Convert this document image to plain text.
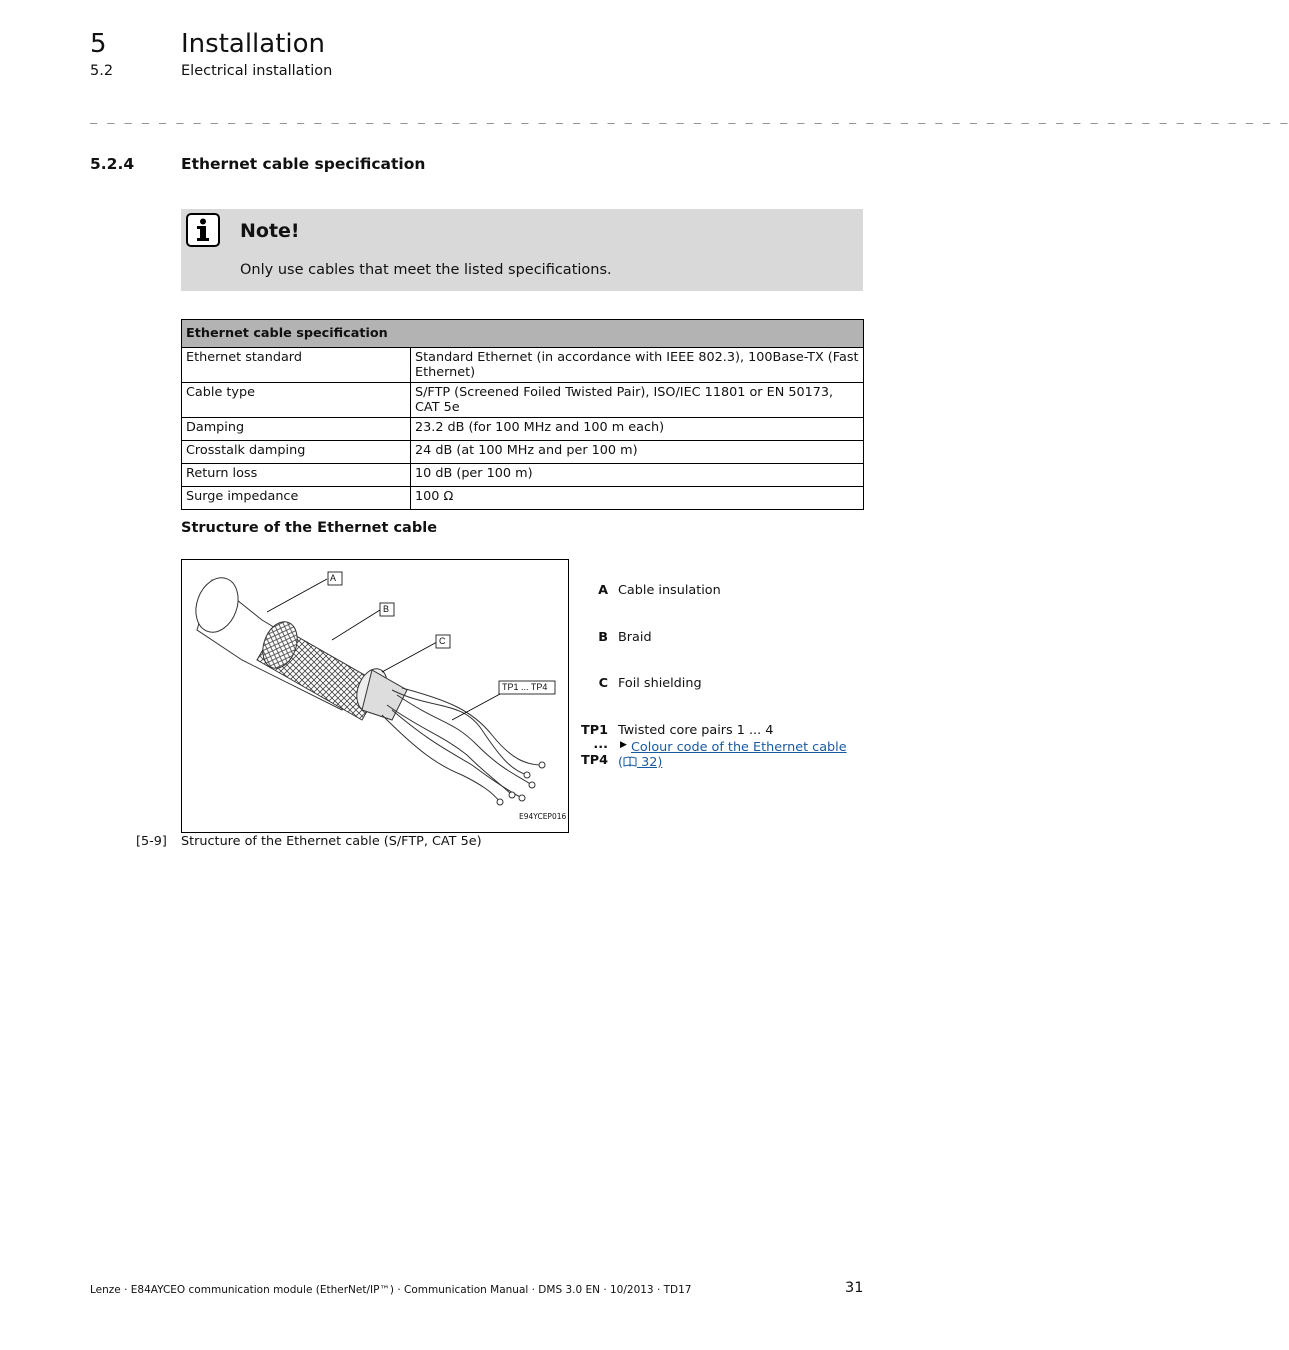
5	Installation
5.2	Electrical installation
_ _ _ _ _ _ _ _ _ _ _ _ _ _ _ _ _ _ _ _ _ _ _ _ _ _ _ _ _ _ _ _ _ _ _ _ _ _ _ _ _ _ _ _ _ _ _ _ _ _ _ _ _ _ _ _ _ _ _ _ _ _ _ _ _ _ _ _ _ _
5.2.4	Ethernet cable specification
Note!
Only use cables that meet the listed specifications.
Ethernet cable specification	
Ethernet standard	Standard Ethernet (in accordance with IEEE 802.3), 100Base-TX (Fast Ethernet)
Cable type	S/FTP (Screened Foiled Twisted Pair), ISO/IEC 11801 or EN 50173, CAT 5e
Damping	23.2 dB (for 100 MHz and 100 m each)
Crosstalk damping	24 dB (at 100 MHz and per 100 m)
Return loss	10 dB (per 100 m)
Surge impedance	100 Ω
Structure of the Ethernet cable
A
B
C
TP1 ... TP4
E94YCEP016
A Cable insulation
B Braid
C Foil shielding
TP1
...
TP4
Twisted core pairs 1 ... 4
▶ Colour code of the Ethernet cable
( 32)
[5-9] Structure of the Ethernet cable (S/FTP, CAT 5e)
Lenze · E84AYCEO communication module (EtherNet/IP™) · Communication Manual · DMS 3.0 EN · 10/2013 · TD17	31
